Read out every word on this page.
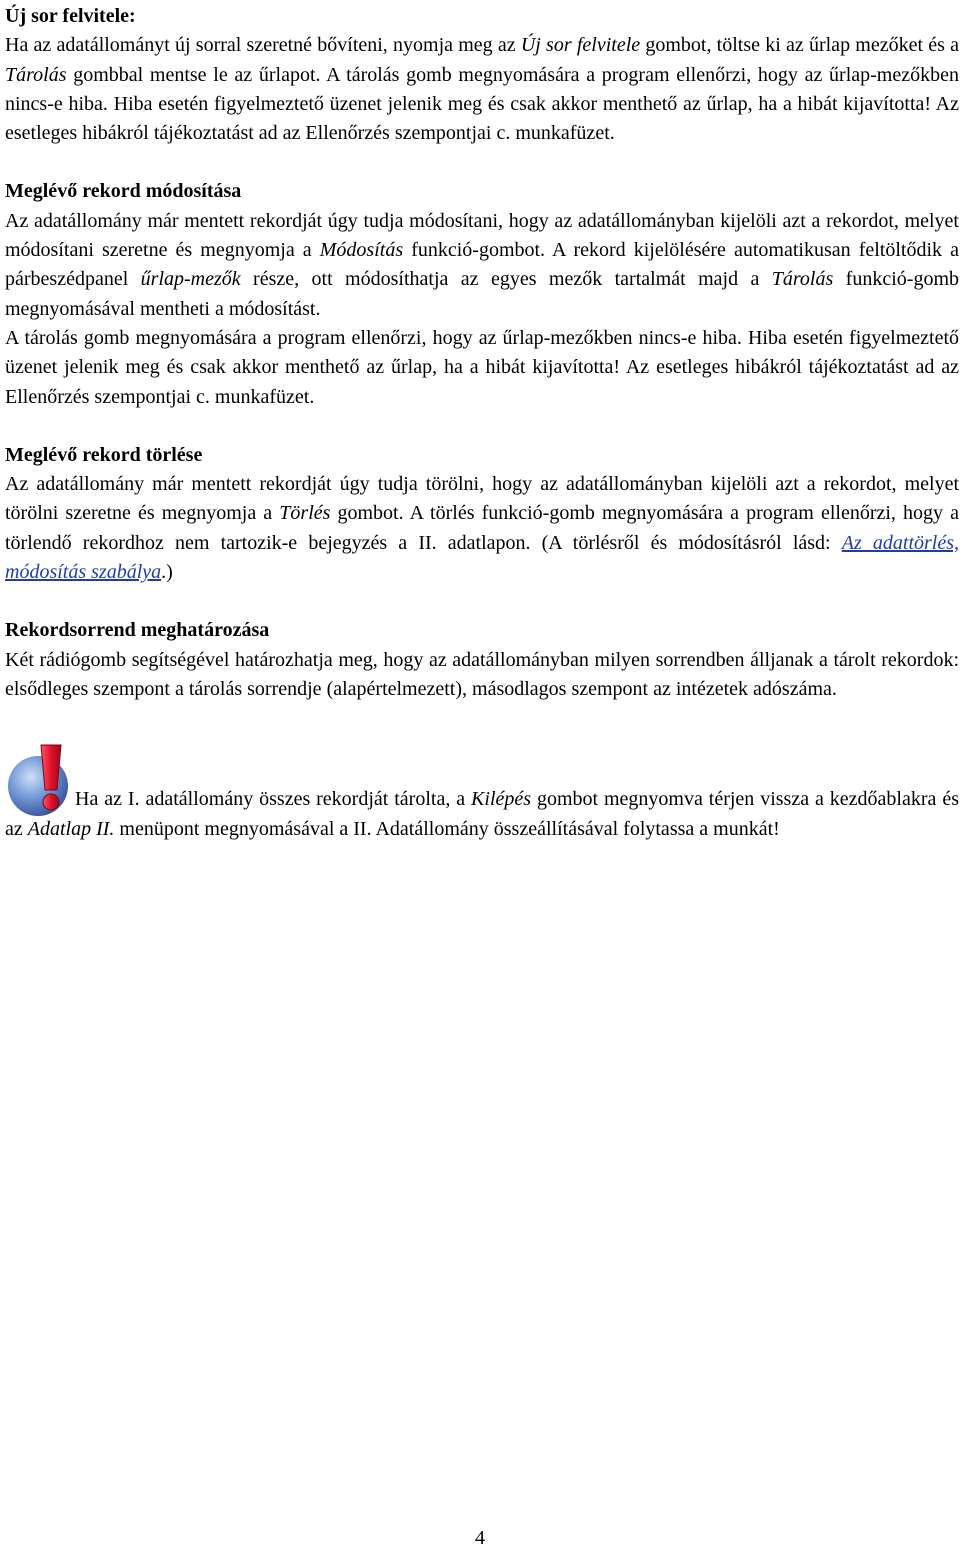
Új sor felvitele:
Ha az adatállományt új sorral szeretné bővíteni, nyomja meg az Új sor felvitele gombot, töltse ki az űrlap mezőket és a Tárolás gombbal mentse le az űrlapot. A tárolás gomb megnyomására a program ellenőrzi, hogy az űrlap-mezőkben nincs-e hiba. Hiba esetén figyelmeztető üzenet jelenik meg és csak akkor menthető az űrlap, ha a hibát kijavította! Az esetleges hibákról tájékoztatást ad az Ellenőrzés szempontjai c. munkafüzet.

Meglévő rekord módosítása
Az adatállomány már mentett rekordját úgy tudja módosítani, hogy az adatállományban kijelöli azt a rekordot, melyet módosítani szeretne és megnyomja a Módosítás funkció-gombot. A rekord kijelölésére automatikusan feltöltődik a párbeszédpanel űrlap-mezők része, ott módosíthatja az egyes mezők tartalmát majd a Tárolás funkció-gomb megnyomásával mentheti a módosítást.
A tárolás gomb megnyomására a program ellenőrzi, hogy az űrlap-mezőkben nincs-e hiba. Hiba esetén figyelmeztető üzenet jelenik meg és csak akkor menthető az űrlap, ha a hibát kijavította! Az esetleges hibákról tájékoztatást ad az Ellenőrzés szempontjai c. munkafüzet.

Meglévő rekord törlése
Az adatállomány már mentett rekordját úgy tudja törölni, hogy az adatállományban kijelöli azt a rekordot, melyet törölni szeretne és megnyomja a Törlés gombot. A törlés funkció-gomb megnyomására a program ellenőrzi, hogy a törlendő rekordhoz nem tartozik-e bejegyzés a II. adatlapon. (A törlésről és módosításról lásd: Az adattörlés, módosítás szabálya.)

Rekordsorrend meghatározása
Két rádiógomb segítségével határozhatja meg, hogy az adatállományban milyen sorrendben álljanak a tárolt rekordok: elsődleges szempont a tárolás sorrendje (alapértelmezett), másodlagos szempont az intézetek adószáma.

Ha az I. adatállomány összes rekordját tárolta, a Kilépés gombot megnyomva térjen vissza a kezdőablakra és az Adatlap II. menüpont megnyomásával a II. Adatállomány összeállításával folytassa a munkát!

4
